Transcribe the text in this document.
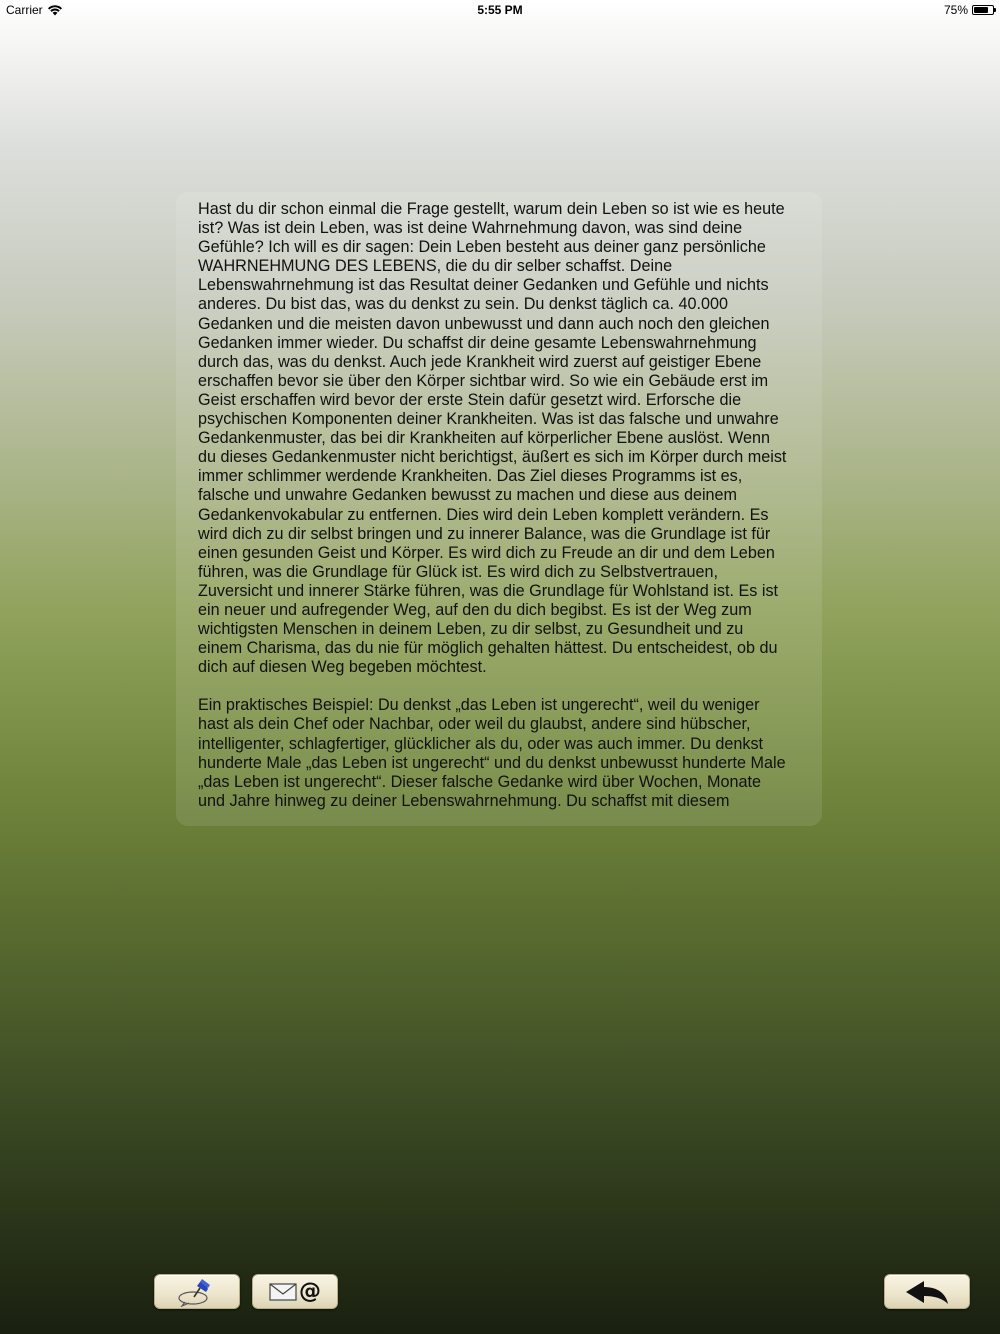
Carrier	5:55 PM	75%

Hast du dir schon einmal die Frage gestellt, warum dein Leben so ist wie es heute
ist? Was ist dein Leben, was ist deine Wahrnehmung davon, was sind deine
Gefühle? Ich will es dir sagen: Dein Leben besteht aus deiner ganz persönliche
WAHRNEHMUNG DES LEBENS, die du dir selber schaffst. Deine
Lebenswahrnehmung ist das Resultat deiner Gedanken und Gefühle und nichts
anderes. Du bist das, was du denkst zu sein. Du denkst täglich ca. 40.000
Gedanken und die meisten davon unbewusst und dann auch noch den gleichen
Gedanken immer wieder. Du schaffst dir deine gesamte Lebenswahrnehmung
durch das, was du denkst. Auch jede Krankheit wird zuerst auf geistiger Ebene
erschaffen bevor sie über den Körper sichtbar wird. So wie ein Gebäude erst im
Geist erschaffen wird bevor der erste Stein dafür gesetzt wird. Erforsche die
psychischen Komponenten deiner Krankheiten. Was ist das falsche und unwahre
Gedankenmuster, das bei dir Krankheiten auf körperlicher Ebene auslöst. Wenn
du dieses Gedankenmuster nicht berichtigst, äußert es sich im Körper durch meist
immer schlimmer werdende Krankheiten. Das Ziel dieses Programms ist es,
falsche und unwahre Gedanken bewusst zu machen und diese aus deinem
Gedankenvokabular zu entfernen. Dies wird dein Leben komplett verändern. Es
wird dich zu dir selbst bringen und zu innerer Balance, was die Grundlage ist für
einen gesunden Geist und Körper. Es wird dich zu Freude an dir und dem Leben
führen, was die Grundlage für Glück ist. Es wird dich zu Selbstvertrauen,
Zuversicht und innerer Stärke führen, was die Grundlage für Wohlstand ist. Es ist
ein neuer und aufregender Weg, auf den du dich begibst. Es ist der Weg zum
wichtigsten Menschen in deinem Leben, zu dir selbst, zu Gesundheit und zu
einem Charisma, das du nie für möglich gehalten hättest. Du entscheidest, ob du
dich auf diesen Weg begeben möchtest.

Ein praktisches Beispiel: Du denkst „das Leben ist ungerecht“, weil du weniger
hast als dein Chef oder Nachbar, oder weil du glaubst, andere sind hübscher,
intelligenter, schlagfertiger, glücklicher als du, oder was auch immer. Du denkst
hunderte Male „das Leben ist ungerecht“ und du denkst unbewusst hunderte Male
„das Leben ist ungerecht“. Dieser falsche Gedanke wird über Wochen, Monate
und Jahre hinweg zu deiner Lebenswahrnehmung. Du schaffst mit diesem

@
